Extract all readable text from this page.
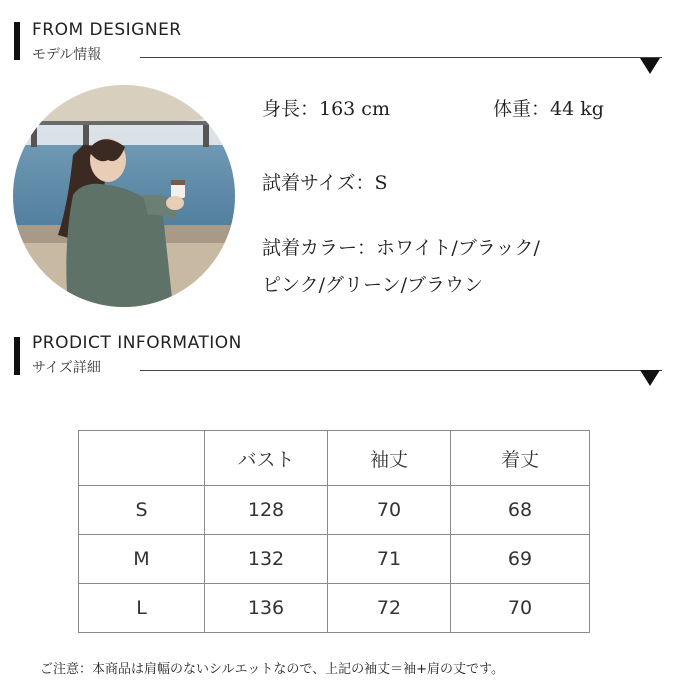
FROM DESIGNER
モデル情報
身長：163 cm	体重：44 kg
試着サイズ：S
試着カラー：ホワイト/ブラック/
ピンク/グリーン/ブラウン
PRODICT INFORMATION
サイズ詳細
	バスト	袖丈	着丈
S	128	70	68
M	132	71	69
L	136	72	70
ご注意：本商品は肩幅のないシルエットなので、上記の袖丈＝袖+肩の丈です。
